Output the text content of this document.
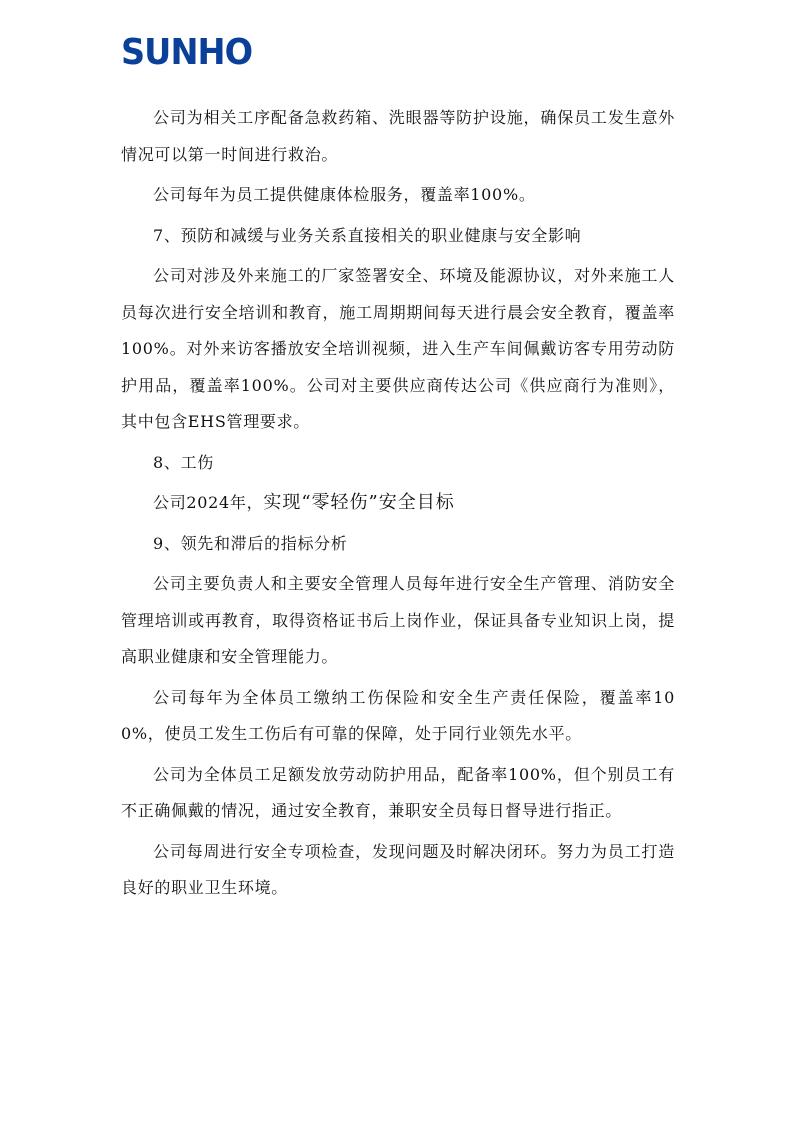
SUNHO

公司为相关工序配备急救药箱、洗眼器等防护设施，确保员工发生意外情况可以第一时间进行救治。

公司每年为员工提供健康体检服务，覆盖率100%。

7、预防和减缓与业务关系直接相关的职业健康与安全影响

公司对涉及外来施工的厂家签署安全、环境及能源协议，对外来施工人员每次进行安全培训和教育，施工周期期间每天进行晨会安全教育，覆盖率100%。对外来访客播放安全培训视频，进入生产车间佩戴访客专用劳动防护用品，覆盖率100%。公司对主要供应商传达公司《供应商行为准则》，其中包含EHS管理要求。

8、工伤

公司2024年，实现“零轻伤”安全目标

9、领先和滞后的指标分析

公司主要负责人和主要安全管理人员每年进行安全生产管理、消防安全管理培训或再教育，取得资格证书后上岗作业，保证具备专业知识上岗，提高职业健康和安全管理能力。

公司每年为全体员工缴纳工伤保险和安全生产责任保险，覆盖率100%，使员工发生工伤后有可靠的保障，处于同行业领先水平。

公司为全体员工足额发放劳动防护用品，配备率100%，但个别员工有不正确佩戴的情况，通过安全教育，兼职安全员每日督导进行指正。

公司每周进行安全专项检查，发现问题及时解决闭环。努力为员工打造良好的职业卫生环境。
